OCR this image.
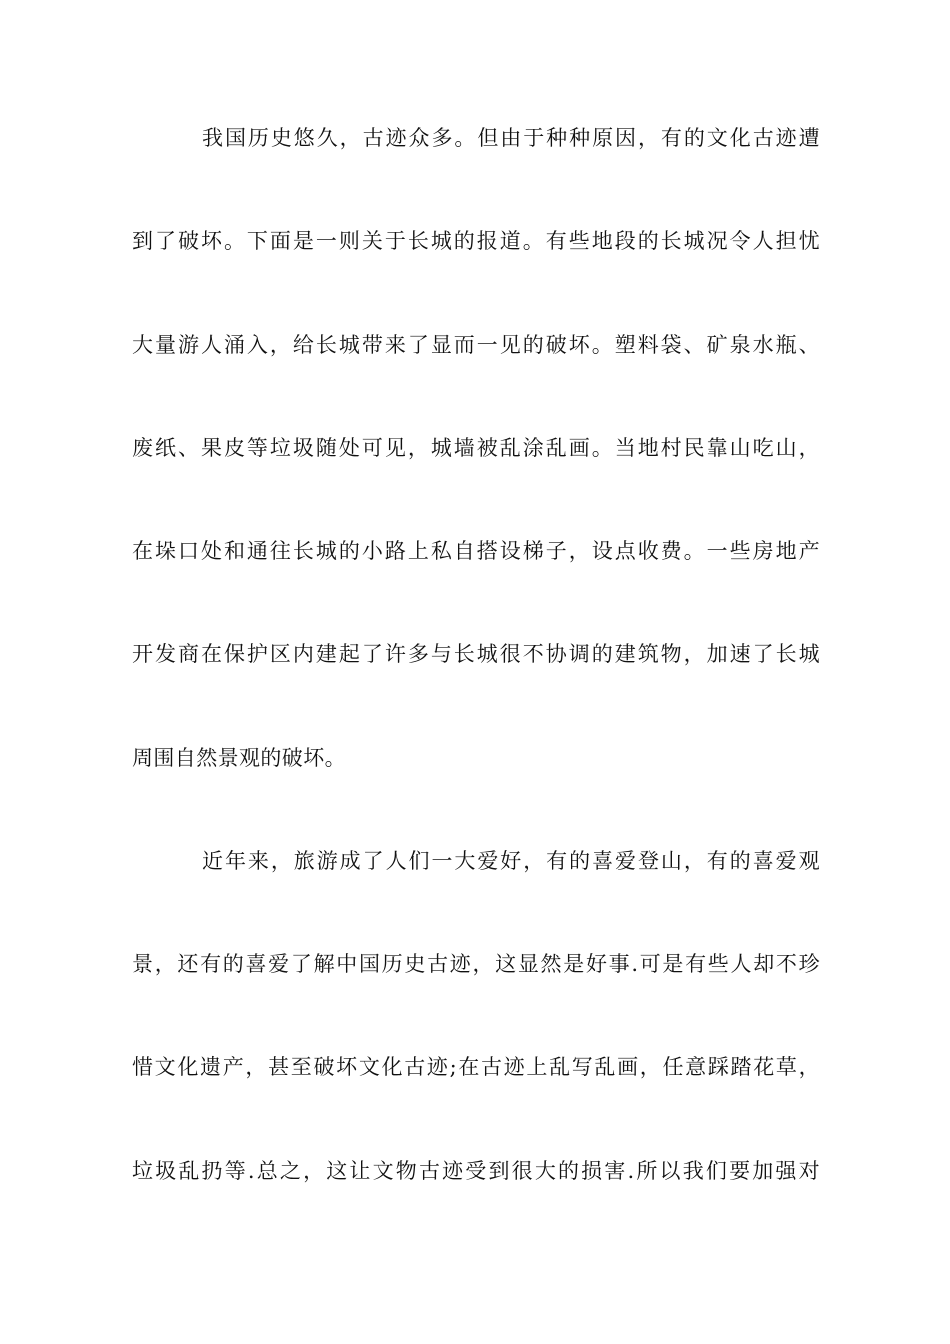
我国历史悠久，古迹众多。但由于种种原因，有的文化古迹遭
到了破坏。下面是一则关于长城的报道。有些地段的长城况令人担忧
大量游人涌入，给长城带来了显而一见的破坏。塑料袋、矿泉水瓶、
废纸、果皮等垃圾随处可见，城墙被乱涂乱画。当地村民靠山吃山，
在垛口处和通往长城的小路上私自搭设梯子，设点收费。一些房地产
开发商在保护区内建起了许多与长城很不协调的建筑物，加速了长城
周围自然景观的破坏。
近年来，旅游成了人们一大爱好，有的喜爱登山，有的喜爱观
景，还有的喜爱了解中国历史古迹，这显然是好事.可是有些人却不珍
惜文化遗产，甚至破坏文化古迹;在古迹上乱写乱画，任意踩踏花草，
垃圾乱扔等.总之，这让文物古迹受到很大的损害.所以我们要加强对
